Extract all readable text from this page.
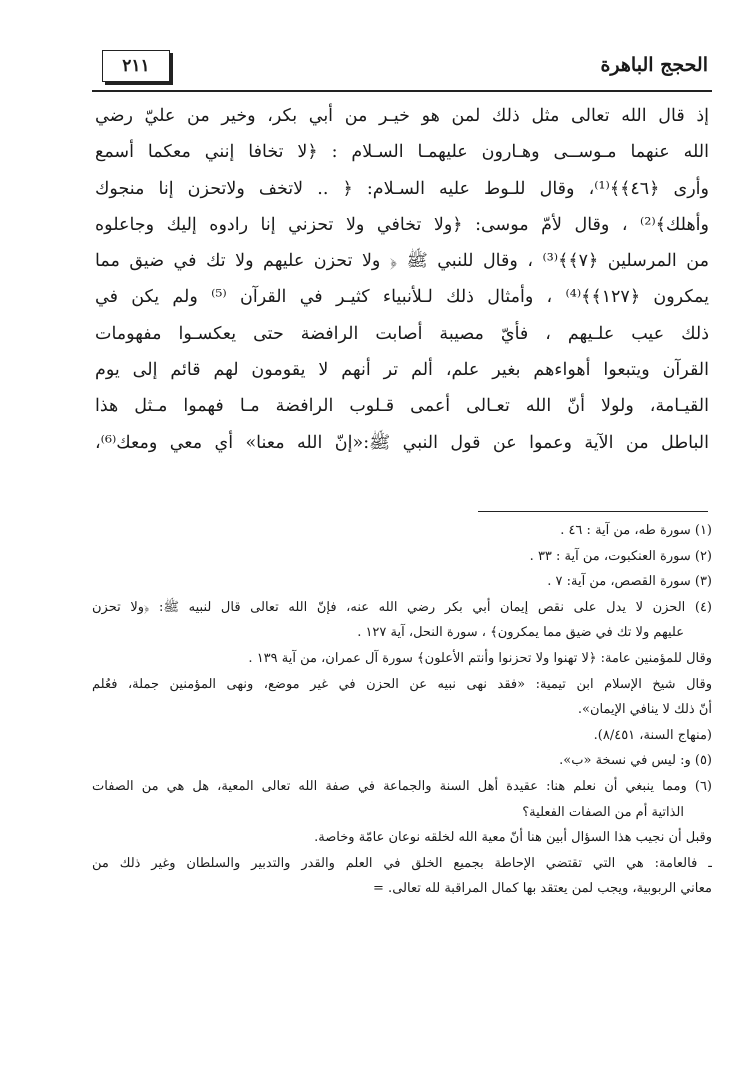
٢١١	الحجج الباهرة
إذ قال الله تعالى مثل ذلك لمن هو خيـر من أبي بكر، وخير من عليّ رضي
الله عنهما مـوســى وهـارون عليهمـا السـلام : ﴿لا تخافا إنني معكما أسمع
وأرى ﴿٤٦﴾﴾⁽¹⁾، وقال للـوط عليه السـلام: ﴿ .. لاتخف ولاتحزن إنا منجوك
وأهلك﴾⁽²⁾ ، وقال لأمّ موسى: ﴿ولا تخافي ولا تحزني إنا رادوه إليك وجاعلوه
من المرسلين ﴿٧﴾﴾⁽³⁾ ، وقال للنبي ﷺ ﴿ ولا تحزن عليهم ولا تك في ضيق مما
يمكرون ﴿١٢٧﴾﴾⁽⁴⁾ ، وأمثال ذلك لـلأنبياء كثيـر في القرآن ⁽⁵⁾ ولم يكن في
ذلك عيب علـيهم ، فأيّ مصيبة أصابت الرافضة حتى يعكسـوا مفهومات
القرآن ويتبعوا أهواءهم بغير علم، ألم تر أنهم لا يقومون لهم قائم إلى يوم
القيـامة، ولولا أنّ الله تعـالى أعمى قـلوب الرافضة مـا فهموا مـثل هذا
الباطل من الآية وعموا عن قول النبي ﷺ:«إنّ الله معنا» أي معي ومعك⁽⁶⁾،
(١) سورة طه، من آية : ٤٦ .
(٢) سورة العنكبوت، من آية : ٣٣ .
(٣) سورة القصص، من آية: ٧ .
(٤) الحزن لا يدل على نقص إيمان أبي بكر رضي الله عنه، فإنّ الله تعالى قال لنبيه ﷺ: ﴿ولا تحزن
عليهم ولا تك في ضيق مما يمكرون﴾ ، سورة النحل، آية ١٢٧ .
وقال للمؤمنين عامة: ﴿لا تهنوا ولا تحزنوا وأنتم الأعلون﴾ سورة آل عمران، من آية ١٣٩ .
وقال شيخ الإسلام ابن تيمية: «فقد نهى نبيه عن الحزن في غير موضع، ونهى المؤمنين جملة، فعُلم
أنّ ذلك لا ينافي الإيمان».
(منهاج السنة، ٨/٤٥١).
(٥) و: ليس في نسخة «ب».
(٦) ومما ينبغي أن نعلم هنا: عقيدة أهل السنة والجماعة في صفة الله تعالى المعية، هل هي من الصفات
الذاتية أم من الصفات الفعلية؟
وقبل أن نجيب هذا السؤال أبين هنا أنّ معية الله لخلقه نوعان عامّة وخاصة.
ـ فالعامة: هي التي تقتضي الإحاطة بجميع الخلق في العلم والقدر والتدبير والسلطان وغير ذلك من
معاني الربوبية، ويجب لمن يعتقد بها كمال المراقبة لله تعالى. =
